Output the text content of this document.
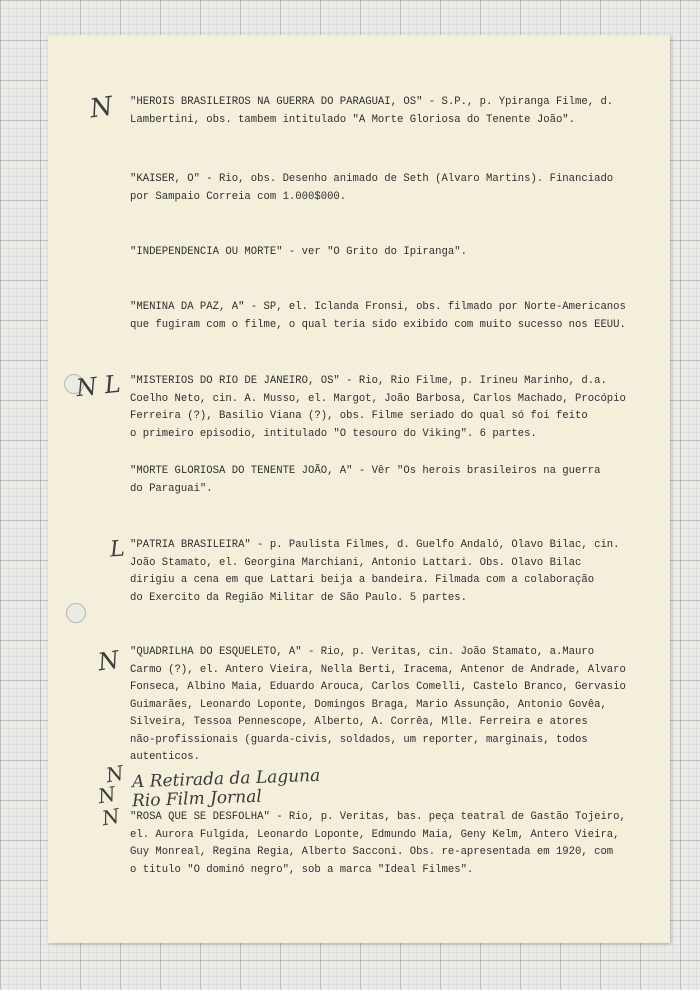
N
N L
L
N
N
N
N
A Retirada da Laguna
Rio Film Jornal
"HEROIS BRASILEIROS NA GUERRA DO PARAGUAI, OS" - S.P., p. Ypiranga Filme, d.
Lambertini, obs. tambem intitulado "A Morte Gloriosa do Tenente João".
"KAISER, O" - Rio, obs. Desenho animado de Seth (Alvaro Martins). Financiado
por Sampaio Correia com 1.000$000.
"INDEPENDENCIA OU MORTE" - ver "O Grito do Ipiranga".
"MENINA DA PAZ, A" - SP, el. Iclanda Fronsi, obs. filmado por Norte-Americanos
que fugiram com o filme, o qual teria sido exibido com muito sucesso nos EEUU.
"MISTERIOS DO RIO DE JANEIRO, OS" - Rio, Rio Filme, p. Irineu Marinho, d.a.
Coelho Neto, cin. A. Musso, el. Margot, João Barbosa, Carlos Machado, Procópio
Ferreira (?), Basilio Viana (?), obs. Filme seriado do qual só foi feito
o primeiro episodio, intitulado "O tesouro do Viking". 6 partes.
"MORTE GLORIOSA DO TENENTE JOÃO, A" - Vêr "Os herois brasileiros na guerra
do Paraguai".
"PATRIA BRASILEIRA" - p. Paulista Filmes, d. Guelfo Andaló, Olavo Bilac, cin.
João Stamato, el. Georgina Marchiani, Antonio Lattari. Obs. Olavo Bilac
dirigiu a cena em que Lattari beija a bandeira. Filmada com a colaboração
do Exercito da Região Militar de São Paulo. 5 partes.
"QUADRILHA DO ESQUELETO, A" - Rio, p. Veritas, cin. João Stamato, a.Mauro
Carmo (?), el. Antero Vieira, Nella Berti, Iracema, Antenor de Andrade, Alvaro
Fonseca, Albino Maia, Eduardo Arouca, Carlos Comelli, Castelo Branco, Gervasio
Guimarães, Leonardo Loponte, Domingos Braga, Mario Assunção, Antonio Govêa,
Silveira, Tessoa Pennescope, Alberto, A. Corrêa, Mlle. Ferreira e atores
não-profissionais (guarda-civis, soldados, um reporter, marginais, todos
autenticos.
"ROSA QUE SE DESFOLHA" - Rio, p. Veritas, bas. peça teatral de Gastão Tojeiro,
el. Aurora Fulgida, Leonardo Loponte, Edmundo Maia, Geny Kelm, Antero Vieira,
Guy Monreal, Regina Regia, Alberto Sacconi. Obs. re-apresentada em 1920, com
o titulo "O dominó negro", sob a marca "Ideal Filmes".
